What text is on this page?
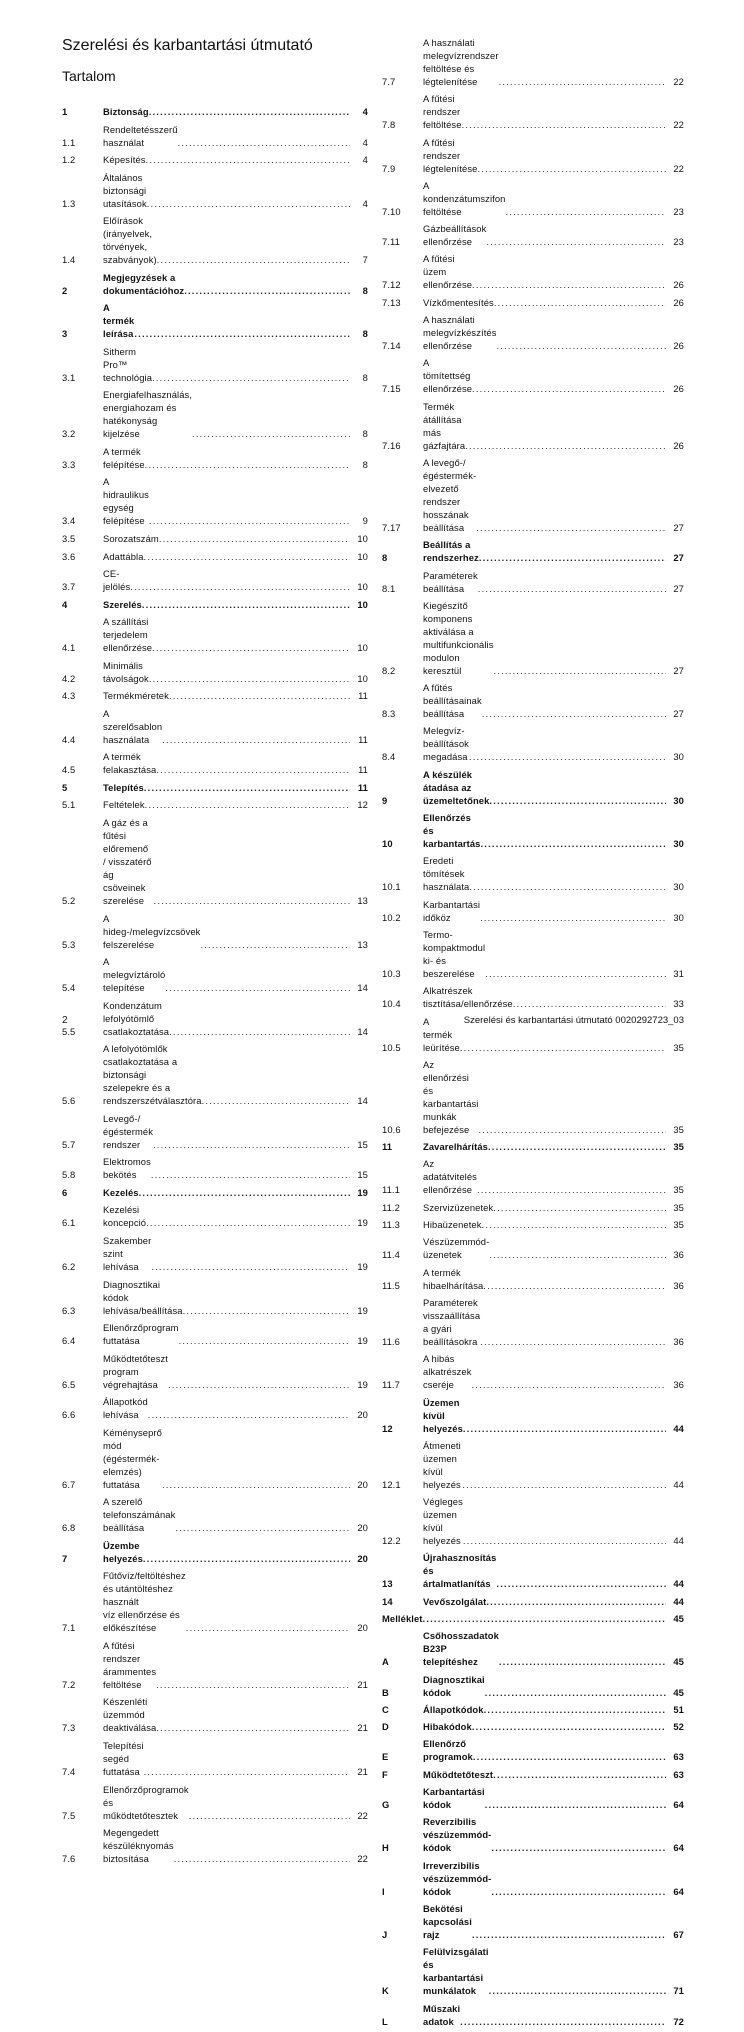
Szerelési és karbantartási útmutató
Tartalom
1	Biztonság .....	4
1.1
Rendeltetésszerű használat .....	4
1.2	Képesítés .....	4
1.3
Általános biztonsági utasítások .....	4
1.4
Előírások (irányelvek, törvények, szabványok) .....	7
2
Megjegyzések a dokumentációhoz .....	8
3
A termék leírása .....	8
3.1
Sitherm Pro™ technológia .....	8
3.2
Energiafelhasználás, energiahozam és
hatékonyság kijelzése .....	8
3.3
A termék felépítése .....	8
3.4
A hidraulikus egység felépítése .....	9
3.5	Sorozatszám .....	10
3.6	Adattábla .....	10
3.7
CE-jelölés .....	10
4	Szerelés .....	10
4.1
A szállítási terjedelem ellenőrzése .....	10
4.2
Minimális távolságok .....	10
4.3	Termékméretek .....	11
4.4
A szerelősablon használata .....	11
4.5
A termék felakasztása .....	11
5	Telepítés .....	11
5.1	Feltételek .....	12
5.2
A gáz és a fűtési előremenő / visszatérő ág
csöveinek szerelése .....	13
5.3
A hideg-/melegvízcsövek felszerelése .....	13
5.4
A melegvíztároló telepítése .....	14
5.5
Kondenzátum lefolyótömlő csatlakoztatása .....	14
5.6
A lefolyótömlők csatlakoztatása a biztonsági
szelepekre és a rendszerszétválasztóra .....	14
5.7
Levegő-/égéstermék rendszer .....	15
5.8
Elektromos bekötés .....	15
6	Kezelés .....	19
6.1
Kezelési koncepció .....	19
6.2
Szakember szint lehívása .....	19
6.3
Diagnosztikai kódok lehívása/beállítása .....	19
6.4
Ellenőrzőprogram futtatása .....	19
6.5
Működtetőteszt program végrehajtása .....	19
6.6
Állapotkód lehívása .....	20
6.7
Kéményseprő mód (égéstermék-elemzés)
futtatása .....	20
6.8
A szerelő telefonszámának beállítása .....	20
7
Üzembe helyezés .....	20
7.1
Fűtővíz/feltöltéshez és utántöltéshez használt
víz ellenőrzése és előkészítése .....	20
7.2
A fűtési rendszer árammentes feltöltése .....	21
7.3
Készenléti üzemmód deaktiválása .....	21
7.4
Telepítési segéd futtatása .....	21
7.5
Ellenőrzőprogramok és működtetőtesztek .....	22
7.6
Megengedett készüléknyomás biztosítása .....	22
7.7
A használati melegvízrendszer feltöltése és
légtelenítése .....	22
7.8
A fűtési rendszer feltöltése .....	22
7.9
A fűtési rendszer légtelenítése .....	22
7.10
A kondenzátumszifon feltöltése .....	23
7.11
Gázbeállítások ellenőrzése .....	23
7.12
A fűtési üzem ellenőrzése .....	26
7.13	Vízkőmentesítés .....	26
7.14
A használati melegvízkészítés ellenőrzése .....	26
7.15
A tömítettség ellenőrzése .....	26
7.16
Termék átállítása más gázfajtára .....	26
7.17
A levegő-/égéstermék-elvezető rendszer
hosszának beállítása .....	27
8
Beállítás a rendszerhez .....	27
8.1
Paraméterek beállítása .....	27
8.2
Kiegészítő komponens aktiválása a
multifunkcionális modulon keresztül .....	27
8.3
A fűtés beállításainak beállítása .....	27
8.4
Melegvíz-beállítások megadása .....	30
9
A készülék átadása az üzemeltetőnek .....	30
10
Ellenőrzés és karbantartás .....	30
10.1
Eredeti tömítések használata .....	30
10.2
Karbantartási időköz .....	30
10.3
Termo-kompaktmodul ki- és beszerelése .....	31
10.4
Alkatrészek tisztítása/ellenőrzése .....	33
10.5
A termék leürítése .....	35
10.6
Az ellenőrzési és karbantartási munkák
befejezése .....	35
11	Zavarelhárítás .....	35
11.1
Az adatátvitelés ellenőrzése .....	35
11.2	Szervizüzenetek .....	35
11.3	Hibaüzenetek .....	35
11.4
Vészüzemmód-üzenetek .....	36
11.5
A termék hibaelhárítása .....	36
11.6
Paraméterek visszaállítása a gyári
beállításokra .....	36
11.7
A hibás alkatrészek cseréje .....	36
12
Üzemen kívül helyezés .....	44
12.1
Átmeneti üzemen kívül helyezés .....	44
12.2
Végleges üzemen kívül helyezés .....	44
13
Újrahasznosítás és ártalmatlanítás .....	44
14	Vevőszolgálat .....	44
Melléklet .....	45
A
Csőhosszadatok B23P telepítéshez .....	45
B
Diagnosztikai kódok .....	45
C	Állapotkódok .....	51
D	Hibakódok .....	52
E
Ellenőrző programok .....	63
F	Működtetőteszt .....	63
G
Karbantartási kódok .....	64
H
Reverzibilis vészüzemmód-kódok .....	64
I
Irreverzibilis vészüzemmód-kódok .....	64
J
Bekötési kapcsolási rajz .....	67
K
Felülvizsgálati és karbantartási munkálatok .....	71
L
Műszaki adatok .....	72
2	Szerelési és karbantartási útmutató 0020292723_03
